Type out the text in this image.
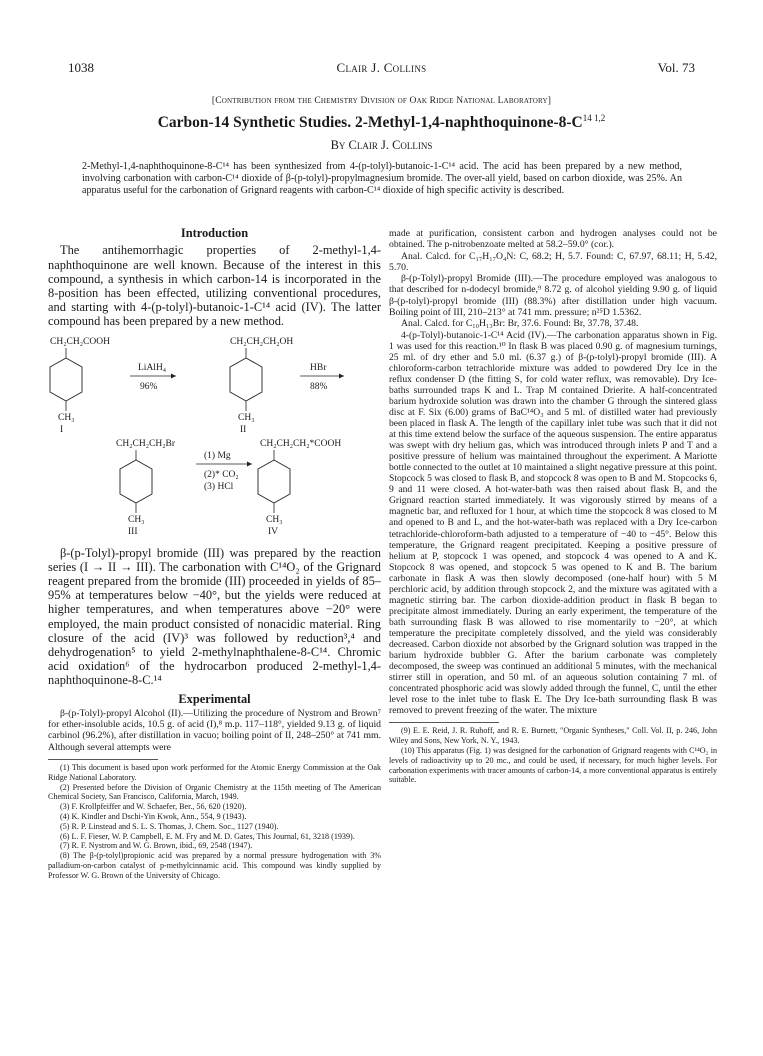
1038	Clair J. Collins	Vol. 73
[Contribution from the Chemistry Division of Oak Ridge National Laboratory]
Carbon-14 Synthetic Studies. $2-Methyl-1,4-naphthoquinone-8-C^{14 1,2}$
By Clair J. Collins
2-Methyl-1,4-naphthoquinone-8-C¹⁴ has been synthesized from 4-(p-tolyl)-butanoic-1-C¹⁴ acid. The acid has been prepared by a new method, involving carbonation with carbon-C¹⁴ dioxide of β-(p-tolyl)-propylmagnesium bromide. The over-all yield, based on carbon dioxide, was 25%. An apparatus useful for the carbonation of Grignard reagents with carbon-C¹⁴ dioxide of high specific activity is described.
Introduction

The antihemorrhagic properties of 2-methyl-1,4-naphthoquinone are well known. Because of the interest in this compound, a synthesis in which carbon-14 is incorporated in the 8-position has been effected, utilizing conventional procedures, and starting with 4-(p-tolyl)-butanoic-1-C¹⁴ acid (IV). The latter compound has been prepared by a new method.

CH₂CH₂COOH
CH₃
I
LiAlH₄
96%
CH₂CH₂CH₂OH
CH₃
II
HBr
88%
CH₂CH₂CH₂Br
CH₃
III
(1) Mg
(2)* CO₂
(3) HCl
CH₂CH₂CH₂*COOH
CH₃
IV

β-(p-Tolyl)-propyl bromide (III) was prepared by the reaction series (I → II → III). The carbonation with C¹⁴O₂ of the Grignard reagent prepared from the bromide (III) proceeded in yields of 85–95% at temperatures below −40°, but the yields were reduced at higher temperatures, and when temperatures above −20° were employed, the main product consisted of nonacidic material. Ring closure of the acid (IV)³ was followed by reduction³,⁴ and dehydrogenation⁵ to yield 2-methylnaphthalene-8-C¹⁴. Chromic acid oxidation⁶ of the hydrocarbon produced 2-methyl-1,4-naphthoquinone-8-C.¹⁴

Experimental

β-(p-Tolyl)-propyl Alcohol (II).—Utilizing the procedure of Nystrom and Brown⁷ for ether-insoluble acids, 10.5 g. of acid (I),⁸ m.p. 117–118°, yielded 9.13 g. of liquid carbinol (96.2%), after distillation in vacuo; boiling point of II, 248–250° at 741 mm. Although several attempts were

(1) This document is based upon work performed for the Atomic Energy Commission at the Oak Ridge National Laboratory.

(2) Presented before the Division of Organic Chemistry at the 115th meeting of The American Chemical Society, San Francisco, California, March, 1949.

(3) F. Krollpfeiffer and W. Schaefer, Ber., 56, 620 (1920).

(4) K. Kindler and Dschi-Yin Kwok, Ann., 554, 9 (1943).

(5) R. P. Linstead and S. L. S. Thomas, J. Chem. Soc., 1127 (1940).

(6) L. F. Fieser, W. P. Campbell, E. M. Fry and M. D. Gates, This Journal, 61, 3218 (1939).

(7) R. F. Nystrom and W. G. Brown, ibid., 69, 2548 (1947).

(8) The β-(p-tolyl)propionic acid was prepared by a normal pressure hydrogenation with 3% palladium-on-carbon catalyst of p-methylcinnamic acid. This compound was kindly supplied by Professor W. G. Brown of the University of Chicago.

made at purification, consistent carbon and hydrogen analyses could not be obtained. The p-nitrobenzoate melted at 58.2–59.0° (cor.).

Anal. Calcd. for C₁₇H₁₇O₄N: C, 68.2; H, 5.7. Found: C, 67.97, 68.11; H, 5.42, 5.70.

β-(p-Tolyl)-propyl Bromide (III).—The procedure employed was analogous to that described for n-dodecyl bromide,⁹ 8.72 g. of alcohol yielding 9.90 g. of liquid β-(p-tolyl)-propyl bromide (III) (88.3%) after distillation under high vacuum. Boiling point of III, 210–213° at 741 mm. pressure; n²⁵D 1.5362.

Anal. Calcd. for C₁₀H₁₃Br: Br, 37.6. Found: Br, 37.78, 37.48.

4-(p-Tolyl)-butanoic-1-C¹⁴ Acid (IV).—The carbonation apparatus shown in Fig. 1 was used for this reaction.¹⁰ In flask B was placed 0.90 g. of magnesium turnings, 25 ml. of dry ether and 5.0 ml. (6.37 g.) of β-(p-tolyl)-propyl bromide (III). A chloroform-carbon tetrachloride mixture was added to powdered Dry Ice in the reflux condenser D (the fitting S, for cold water reflux, was removable). Dry Ice-baths surrounded traps K and L. Trap M contained Drierite. A half-concentrated barium hydroxide solution was drawn into the chamber G through the sintered glass disc at F. Six (6.00) grams of BaC¹⁴O₃ and 5 ml. of distilled water had previously been placed in flask A. The length of the capillary inlet tube was such that it did not at this time extend below the surface of the aqueous suspension. The entire apparatus was swept with dry helium gas, which was introduced through inlets P and T and a positive pressure of helium was maintained throughout the experiment. A Mariotte bottle connected to the outlet at 10 maintained a slight negative pressure at this point. Stopcock 5 was closed to flask B, and stopcock 8 was open to B and M. Stopcocks 6, 9 and 11 were closed. A hot-water-bath was then raised about flask B, and the Grignard reaction started immediately. It was vigorously stirred by means of a magnetic bar, and refluxed for 1 hour, at which time the stopcock 8 was closed to M and opened to B and L, and the hot-water-bath was replaced with a Dry Ice-carbon tetrachloride-chloroform-bath adjusted to a temperature of −40 to −45°. Below this temperature, the Grignard reagent precipitated. Keeping a positive pressure of helium at P, stopcock 1 was opened, and stopcock 4 was opened to A and K. Stopcock 8 was opened, and stopcock 5 was opened to K and B. The barium carbonate in flask A was then slowly decomposed (one-half hour) with 5 M perchloric acid, by addition through stopcock 2, and the mixture was agitated with a magnetic stirring bar. The carbon dioxide-addition product in flask B began to precipitate almost immediately. During an early experiment, the temperature of the bath surrounding flask B was allowed to rise momentarily to −20°, at which temperature the precipitate completely dissolved, and the yield was considerably decreased. Carbon dioxide not absorbed by the Grignard solution was trapped in the barium hydroxide bubbler G. After the barium carbonate was completely decomposed, the sweep was continued an additional 5 minutes, with the mechanical stirrer still in operation, and 50 ml. of an aqueous solution containing 7 ml. of concentrated phosphoric acid was slowly added through the funnel, C, until the ether level rose to the inlet tube to flask E. The Dry Ice-bath surrounding flask B was removed to prevent freezing of the water. The mixture

(9) E. E. Reid, J. R. Ruhoff, and R. E. Burnett, "Organic Syntheses," Coll. Vol. II, p. 246, John Wiley and Sons, New York, N. Y., 1943.

(10) This apparatus (Fig. 1) was designed for the carbonation of Grignard reagents with C¹⁴O₂ in levels of radioactivity up to 20 mc., and could be used, if necessary, for much higher levels. For carbonation experiments with tracer amounts of carbon-14, a more conventional apparatus is entirely suitable.
